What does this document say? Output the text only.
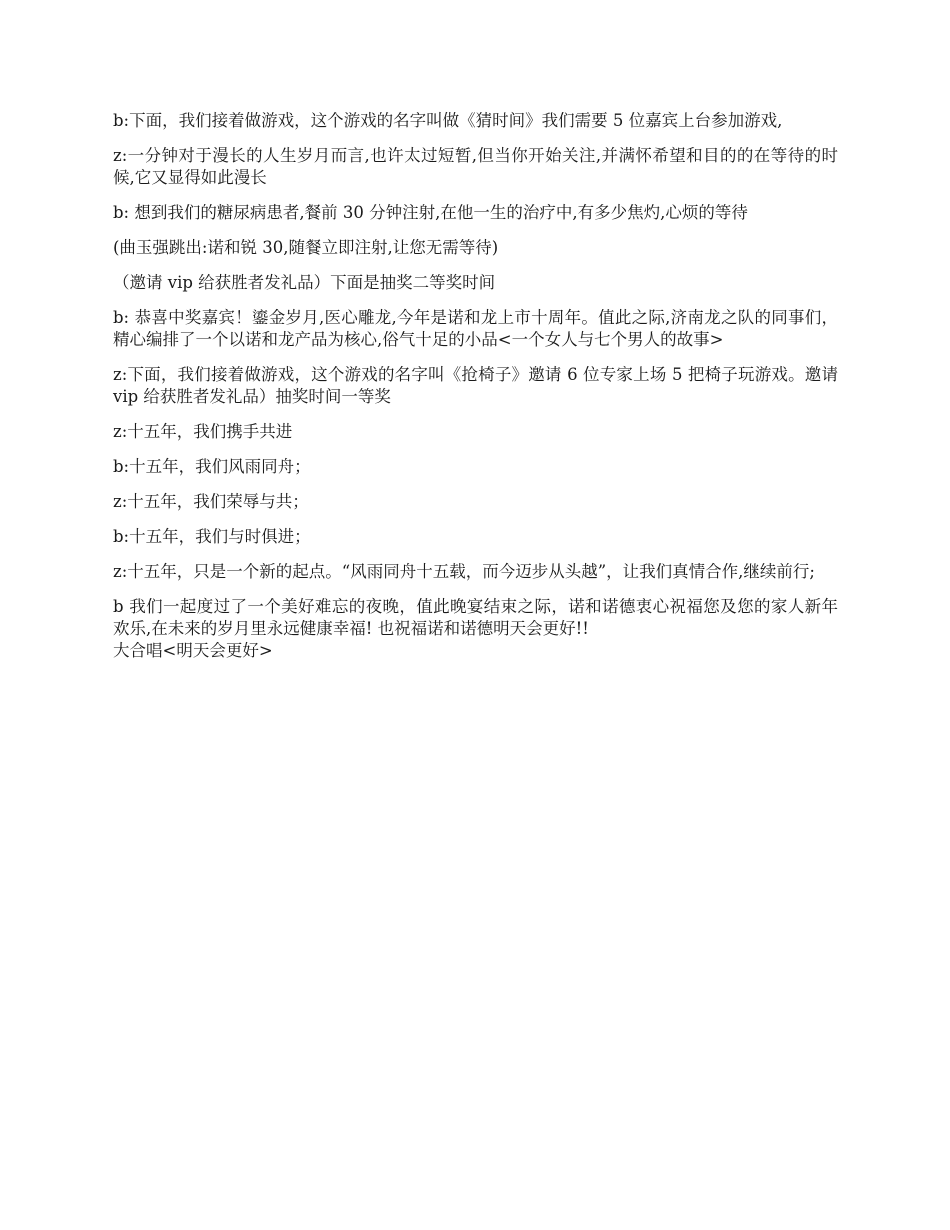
b:下面，我们接着做游戏，这个游戏的名字叫做《猜时间》我们需要 5 位嘉宾上台参加游戏,

z:一分钟对于漫长的人生岁月而言,也许太过短暂,但当你开始关注,并满怀希望和目的的在等待的时候,它又显得如此漫长

b: 想到我们的糖尿病患者,餐前 30 分钟注射,在他一生的治疗中,有多少焦灼,心烦的等待

(曲玉强跳出:诺和锐 30,随餐立即注射,让您无需等待)

（邀请 vip 给获胜者发礼品）下面是抽奖二等奖时间

b: 恭喜中奖嘉宾！鎏金岁月,医心雕龙,今年是诺和龙上市十周年。值此之际,济南龙之队的同事们，精心编排了一个以诺和龙产品为核心,俗气十足的小品<一个女人与七个男人的故事>

z:下面，我们接着做游戏，这个游戏的名字叫《抢椅子》邀请 6 位专家上场 5 把椅子玩游戏。邀请 vip 给获胜者发礼品）抽奖时间一等奖

z:十五年，我们携手共进

b:十五年，我们风雨同舟；

z:十五年，我们荣辱与共；

b:十五年，我们与时俱进；

z:十五年，只是一个新的起点。“风雨同舟十五载，而今迈步从头越”，让我们真情合作,继续前行;

b 我们一起度过了一个美好难忘的夜晚，值此晚宴结束之际，诺和诺德衷心祝福您及您的家人新年欢乐,在未来的岁月里永远健康幸福! 也祝福诺和诺德明天会更好!!

大合唱<明天会更好>
